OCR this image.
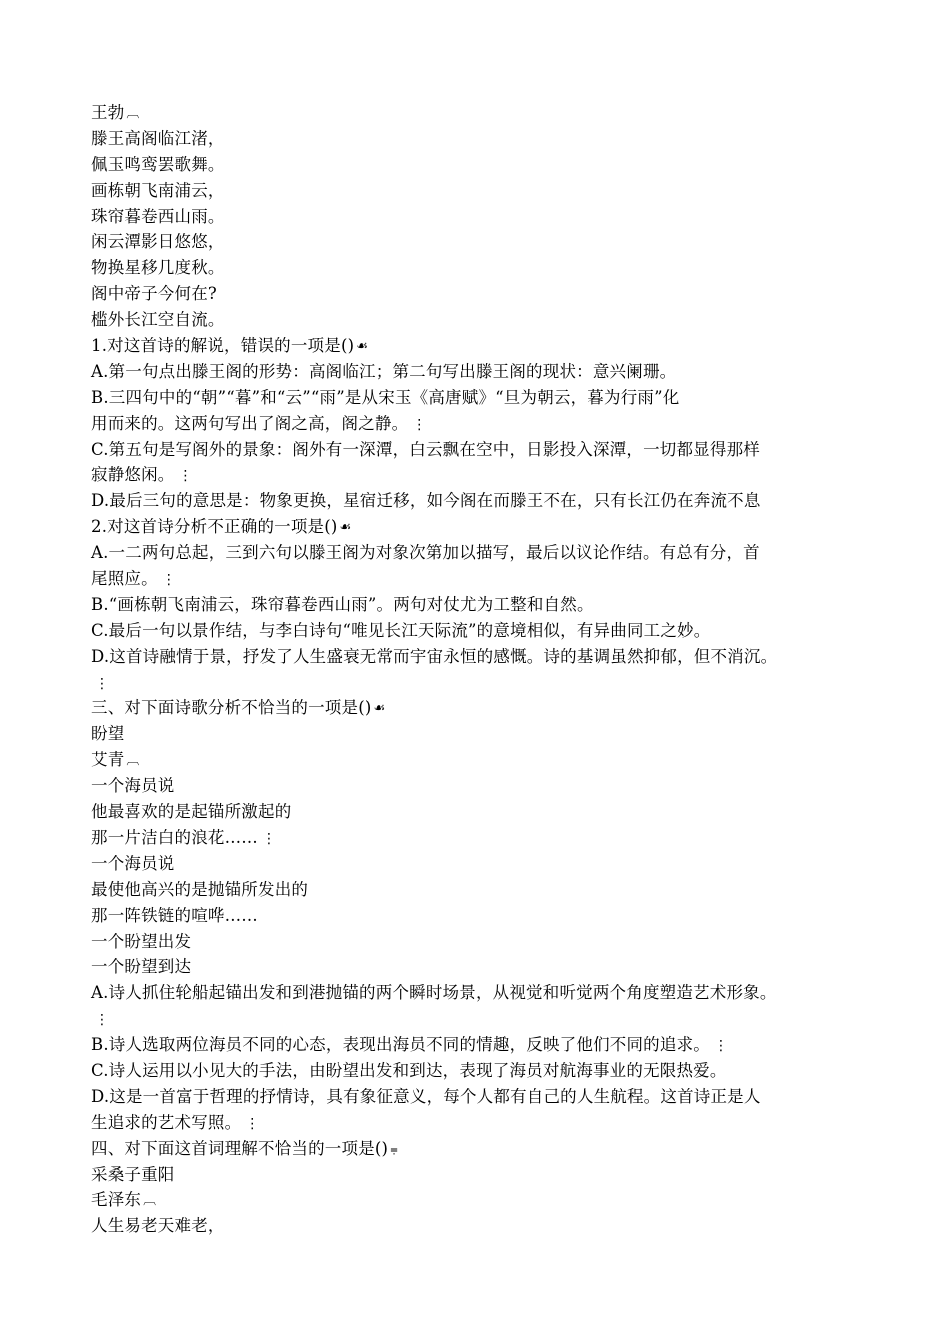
王勃 ︹
滕王高阁临江渚，
佩玉鸣鸾罢歌舞。
画栋朝飞南浦云，
珠帘暮卷西山雨。
闲云潭影日悠悠，
物换星移几度秋。
阁中帝子今何在?
槛外长江空自流。
1.对这首诗的解说，错误的一项是() ☙
A.第一句点出滕王阁的形势：高阁临江；第二句写出滕王阁的现状：意兴阑珊。
B.三四句中的“朝”“暮”和“云”“雨”是从宋玉《高唐赋》“旦为朝云，暮为行雨”化
用而来的。这两句写出了阁之高，阁之静。 ⋮
C.第五句是写阁外的景象：阁外有一深潭，白云飘在空中，日影投入深潭，一切都显得那样
寂静悠闲。 ⋮
D.最后三句的意思是：物象更换，星宿迁移，如今阁在而滕王不在，只有长江仍在奔流不息
2.对这首诗分析不正确的一项是() ☙
A.一二两句总起，三到六句以滕王阁为对象次第加以描写，最后以议论作结。有总有分，首
尾照应。 ⋮
B.“画栋朝飞南浦云，珠帘暮卷西山雨”。两句对仗尤为工整和自然。
C.最后一句以景作结，与李白诗句“唯见长江天际流”的意境相似，有异曲同工之妙。
D.这首诗融情于景，抒发了人生盛衰无常而宇宙永恒的感慨。诗的基调虽然抑郁，但不消沉。
⋮
三、对下面诗歌分析不恰当的一项是() ☙
盼望
艾青 ︹
一个海员说
他最喜欢的是起锚所激起的
那一片洁白的浪花…… ⋮
一个海员说
最使他高兴的是抛锚所发出的
那一阵铁链的喧哗……
一个盼望出发
一个盼望到达
A.诗人抓住轮船起锚出发和到港抛锚的两个瞬时场景，从视觉和听觉两个角度塑造艺术形象。
⋮
B.诗人选取两位海员不同的心态，表现出海员不同的情趣，反映了他们不同的追求。 ⋮
C.诗人运用以小见大的手法，由盼望出发和到达，表现了海员对航海事业的无限热爱。
D.这是一首富于哲理的抒情诗，具有象征意义，每个人都有自己的人生航程。这首诗正是人
生追求的艺术写照。 ⋮
四、对下面这首词理解不恰当的一项是() ⩦
采桑子重阳
毛泽东 ︹
人生易老天难老，
